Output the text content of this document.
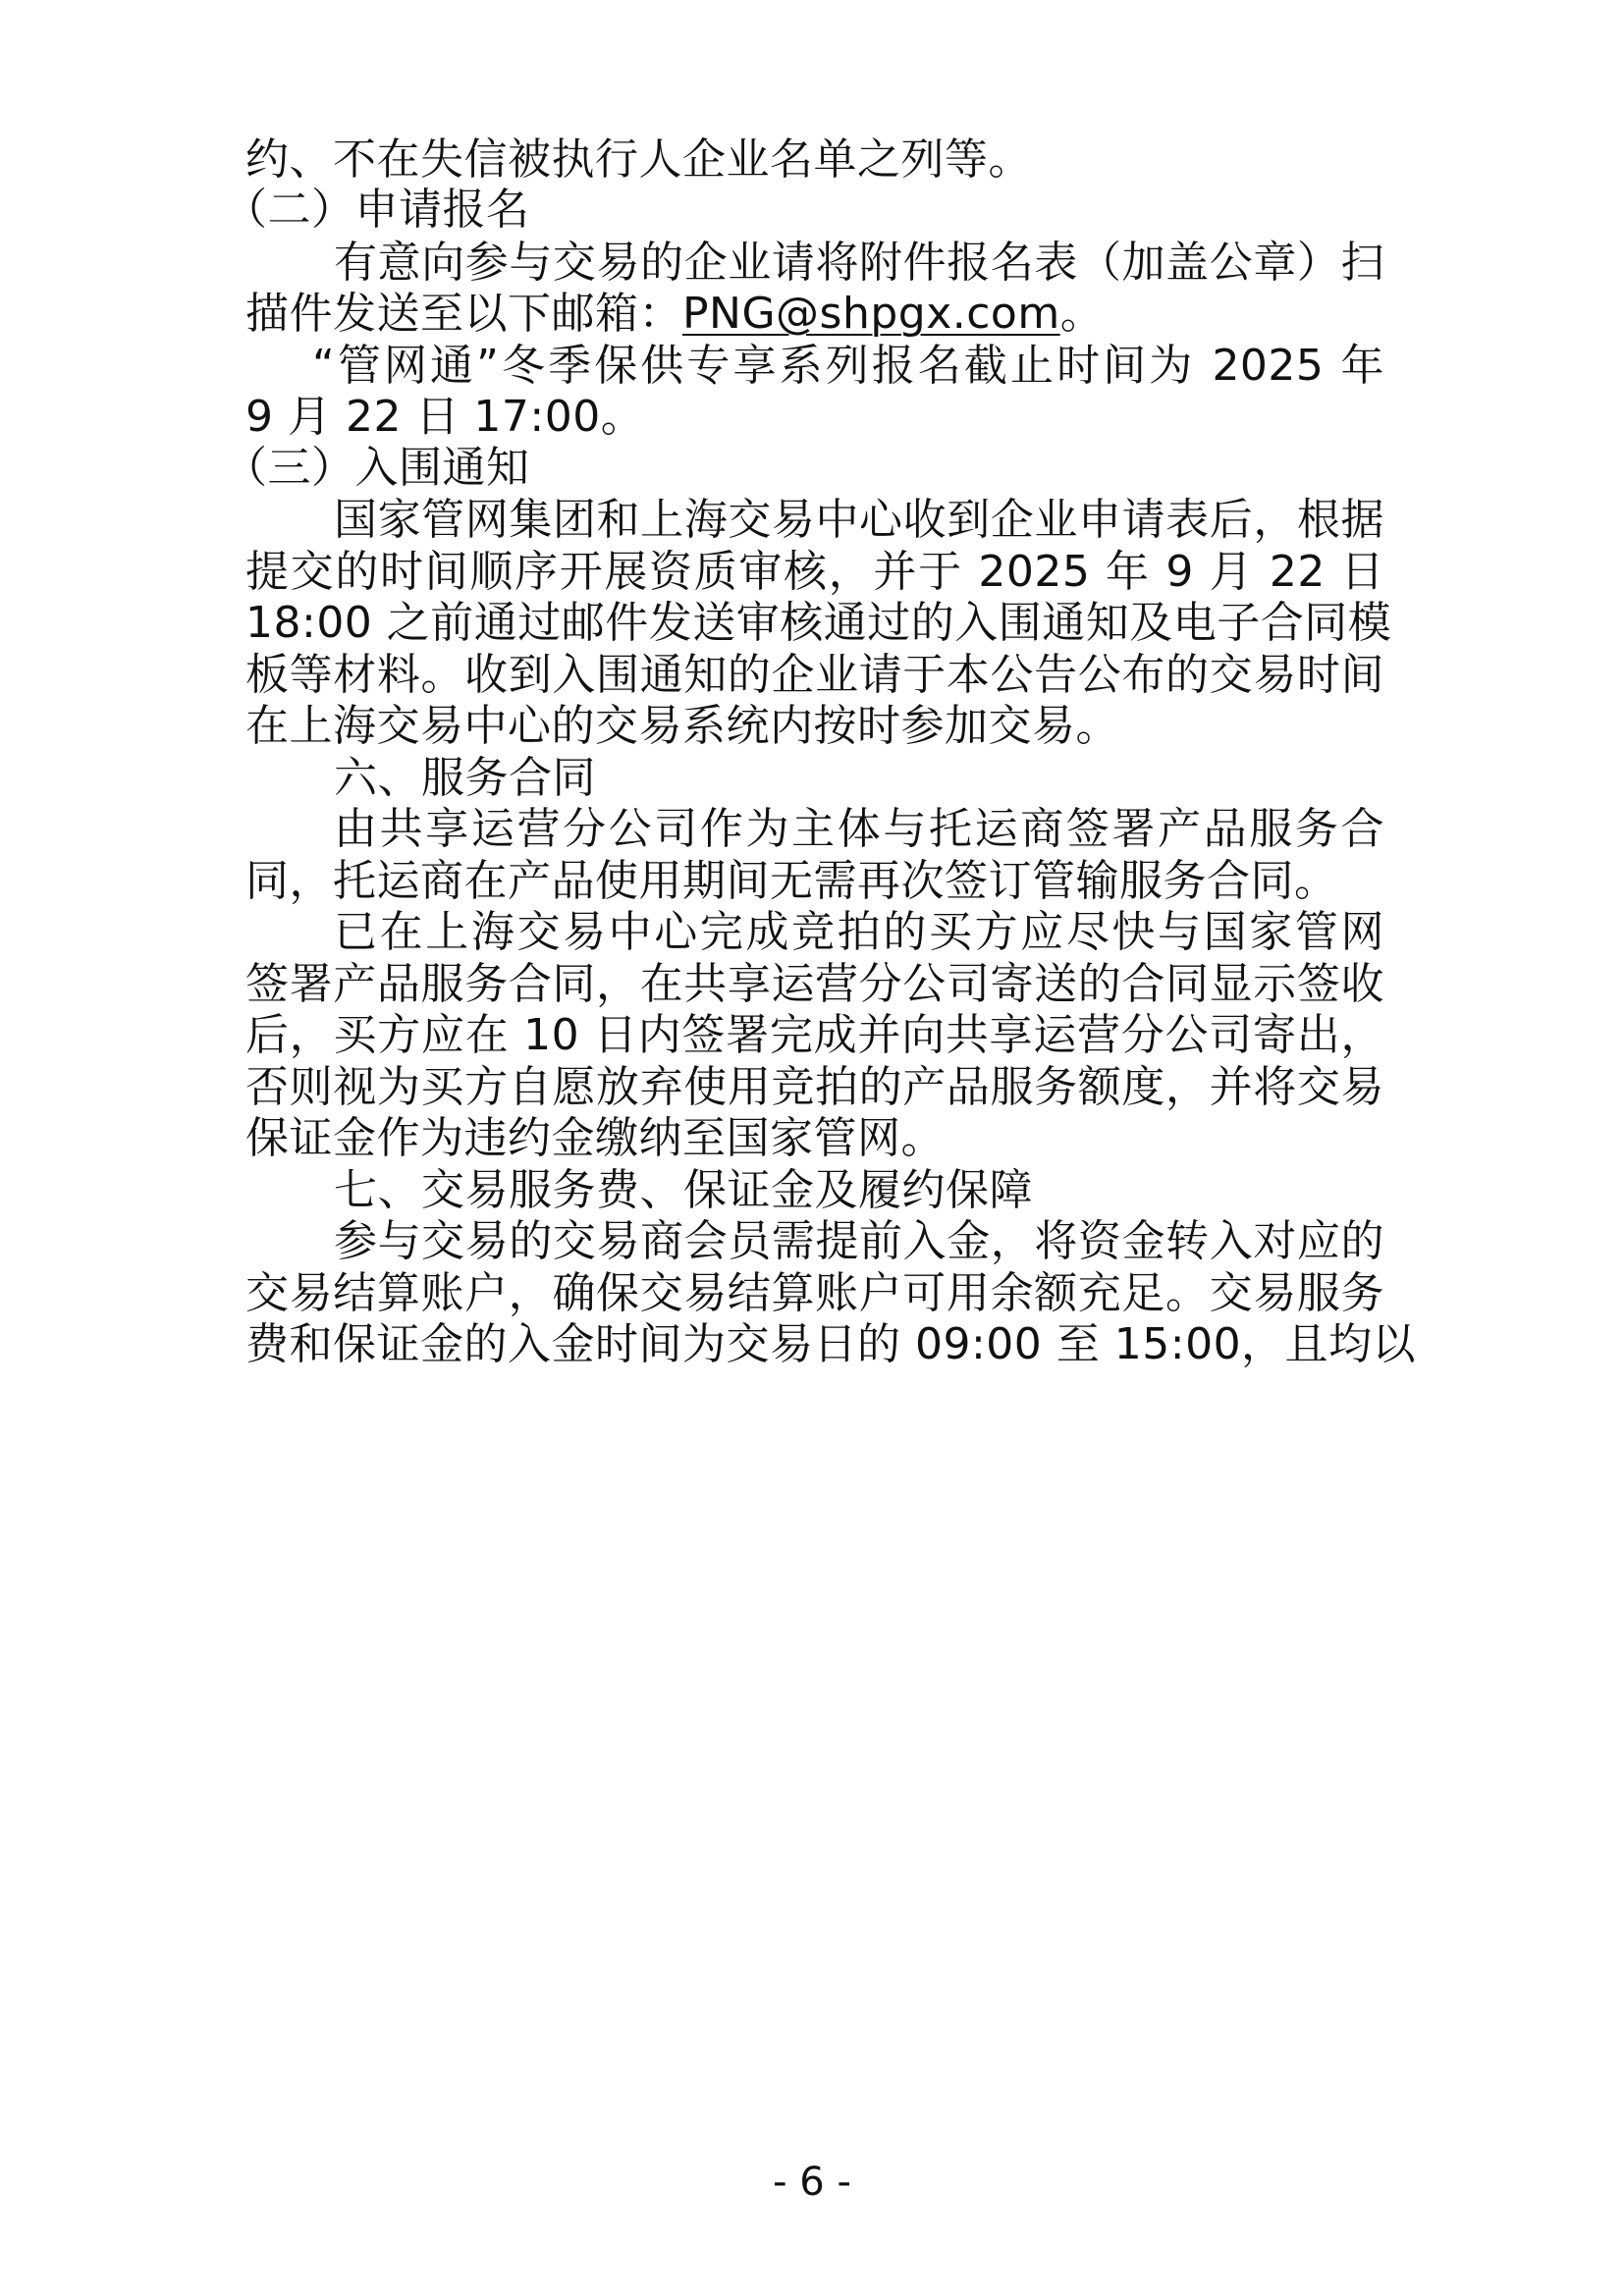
约、不在失信被执行人企业名单之列等。
（二）申请报名
有意向参与交易的企业请将附件报名表（加盖公章）扫
描件发送至以下邮箱：PNG@shpgx.com。
“管网通”冬季保供专享系列报名截止时间为 2025 年
9 月 22 日 17:00。
（三）入围通知
国家管网集团和上海交易中心收到企业申请表后，根据
提交的时间顺序开展资质审核，并于 2025 年 9 月 22 日
18:00 之前通过邮件发送审核通过的入围通知及电子合同模
板等材料。收到入围通知的企业请于本公告公布的交易时间
在上海交易中心的交易系统内按时参加交易。
六、服务合同
由共享运营分公司作为主体与托运商签署产品服务合
同，托运商在产品使用期间无需再次签订管输服务合同。
已在上海交易中心完成竞拍的买方应尽快与国家管网
签署产品服务合同，在共享运营分公司寄送的合同显示签收
后，买方应在 10 日内签署完成并向共享运营分公司寄出，
否则视为买方自愿放弃使用竞拍的产品服务额度，并将交易
保证金作为违约金缴纳至国家管网。
七、交易服务费、保证金及履约保障
参与交易的交易商会员需提前入金，将资金转入对应的
交易结算账户，确保交易结算账户可用余额充足。交易服务
费和保证金的入金时间为交易日的 09:00 至 15:00，且均以
- 6 -
